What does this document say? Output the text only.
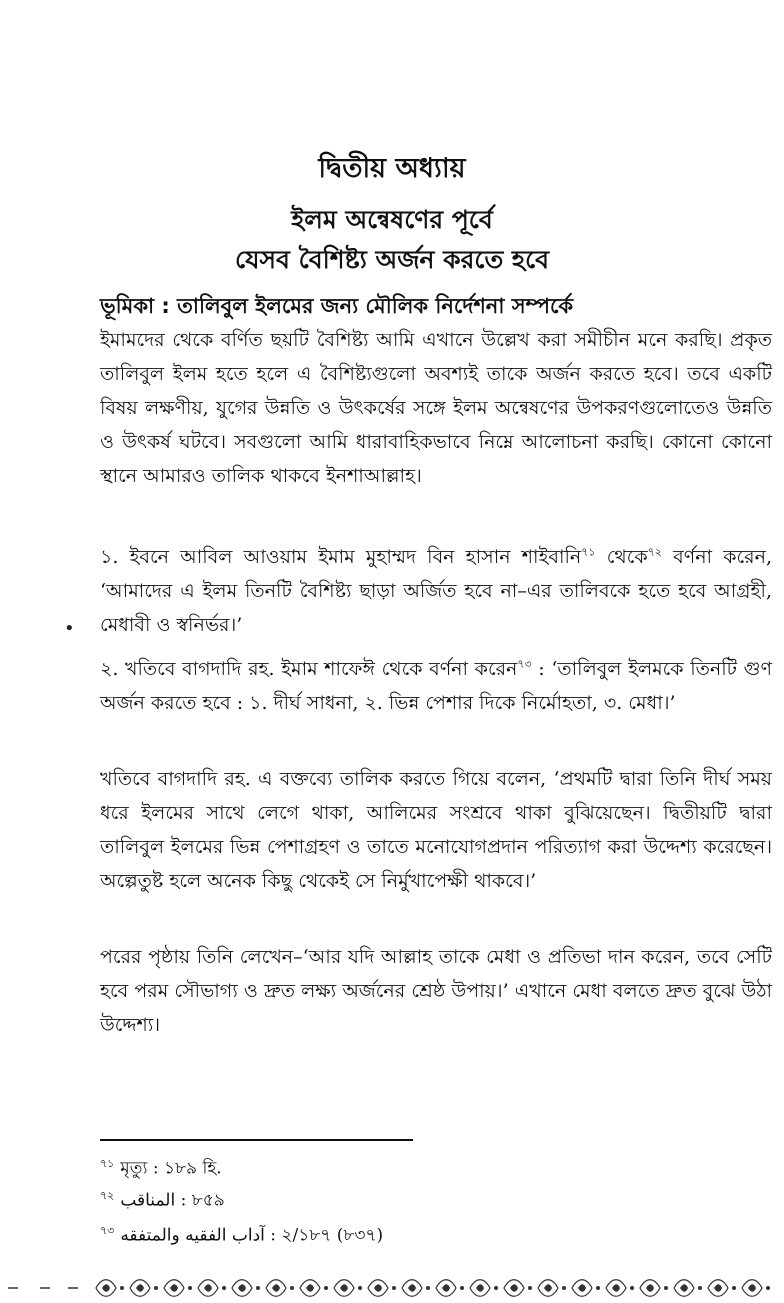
দ্বিতীয় অধ্যায়
ইলম অন্বেষণের পূর্বে
যেসব বৈশিষ্ট্য অর্জন করতে হবে
ভূমিকা : তালিবুল ইলমের জন্য মৌলিক নির্দেশনা সম্পর্কে

ইমামদের থেকে বর্ণিত ছয়টি বৈশিষ্ট্য আমি এখানে উল্লেখ করা সমীচীন মনে করছি। প্রকৃত তালিবুল ইলম হতে হলে এ বৈশিষ্ট্যগুলো অবশ্যই তাকে অর্জন করতে হবে। তবে একটি বিষয় লক্ষণীয়, যুগের উন্নতি ও উৎকর্ষের সঙ্গে ইলম অন্বেষণের উপকরণগুলোতেও উন্নতি ও উৎকর্ষ ঘটবে। সবগুলো আমি ধারাবাহিকভাবে নিম্নে আলোচনা করছি। কোনো কোনো স্থানে আমারও তালিক থাকবে ইনশাআল্লাহ।

১. ইবনে আবিল আওয়াম ইমাম মুহাম্মদ বিন হাসান শাইবানি$^{৭১}$ থেকে$^{৭২}$ বর্ণনা করেন, ‘আমাদের এ ইলম তিনটি বৈশিষ্ট্য ছাড়া অর্জিত হবে না–এর তালিবকে হতে হবে আগ্রহী, মেধাবী ও স্বনির্ভর।’

•

২. খতিবে বাগদাদি রহ. ইমাম শাফেঈ থেকে বর্ণনা করেন$^{৭৩}$ : ‘তালিবুল ইলমকে তিনটি গুণ অর্জন করতে হবে : ১. দীর্ঘ সাধনা, ২. ভিন্ন পেশার দিকে নির্মোহতা, ৩. মেধা।’

খতিবে বাগদাদি রহ. এ বক্তব্যে তালিক করতে গিয়ে বলেন, ‘প্রথমটি দ্বারা তিনি দীর্ঘ সময় ধরে ইলমের সাথে লেগে থাকা, আলিমের সংশ্রবে থাকা বুঝিয়েছেন। দ্বিতীয়টি দ্বারা তালিবুল ইলমের ভিন্ন পেশাগ্রহণ ও তাতে মনোযোগপ্রদান পরিত্যাগ করা উদ্দেশ্য করেছেন। অল্পেতুষ্ট হলে অনেক কিছু থেকেই সে নির্মুখাপেক্ষী থাকবে।’

পরের পৃষ্ঠায় তিনি লেখেন–‘আর যদি আল্লাহ তাকে মেধা ও প্রতিভা দান করেন, তবে সেটি হবে পরম সৌভাগ্য ও দ্রুত লক্ষ্য অর্জনের শ্রেষ্ঠ উপায়।’ এখানে মেধা বলতে দ্রুত বুঝে উঠা উদ্দেশ্য।

$^{৭১}$ মৃত্যু : ১৮৯ হি.
$^{৭২}$ المناقب : ৮৫৯
$^{৭৩}$ آداب الفقيه والمتفقه : ২/১৮৭ (৮৩৭)
